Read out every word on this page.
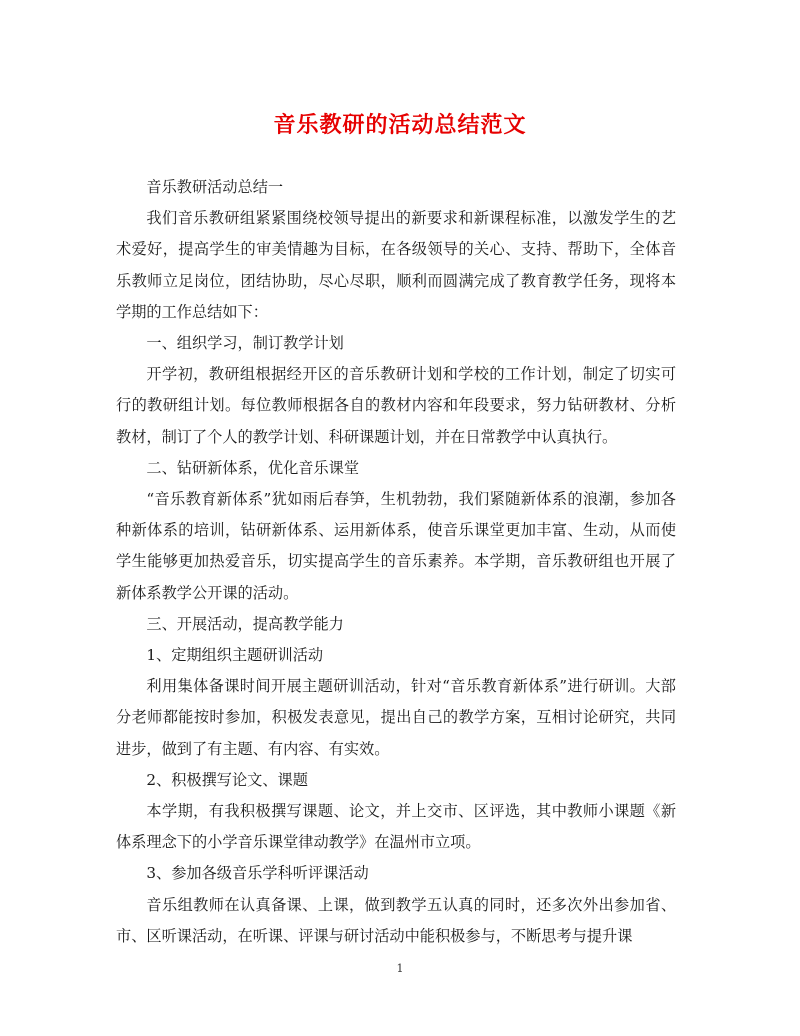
音乐教研的活动总结范文

音乐教研活动总结一

我们音乐教研组紧紧围绕校领导提出的新要求和新课程标准，以激发学生的艺术爱好，提高学生的审美情趣为目标，在各级领导的关心、支持、帮助下，全体音乐教师立足岗位，团结协助，尽心尽职，顺利而圆满完成了教育教学任务，现将本学期的工作总结如下：

一、组织学习，制订教学计划

开学初，教研组根据经开区的音乐教研计划和学校的工作计划，制定了切实可行的教研组计划。每位教师根据各自的教材内容和年段要求，努力钻研教材、分析教材，制订了个人的教学计划、科研课题计划，并在日常教学中认真执行。

二、钻研新体系，优化音乐课堂

“音乐教育新体系”犹如雨后春笋，生机勃勃，我们紧随新体系的浪潮，参加各种新体系的培训，钻研新体系、运用新体系，使音乐课堂更加丰富、生动，从而使学生能够更加热爱音乐，切实提高学生的音乐素养。本学期，音乐教研组也开展了新体系教学公开课的活动。

三、开展活动，提高教学能力

1、定期组织主题研训活动

利用集体备课时间开展主题研训活动，针对“音乐教育新体系”进行研训。大部分老师都能按时参加，积极发表意见，提出自己的教学方案，互相讨论研究，共同进步，做到了有主题、有内容、有实效。

2、积极撰写论文、课题

本学期，有我积极撰写课题、论文，并上交市、区评选，其中教师小课题《新体系理念下的小学音乐课堂律动教学》在温州市立项。

3、参加各级音乐学科听评课活动

音乐组教师在认真备课、上课，做到教学五认真的同时，还多次外出参加省、市、区听课活动，在听课、评课与研讨活动中能积极参与，不断思考与提升课

1
